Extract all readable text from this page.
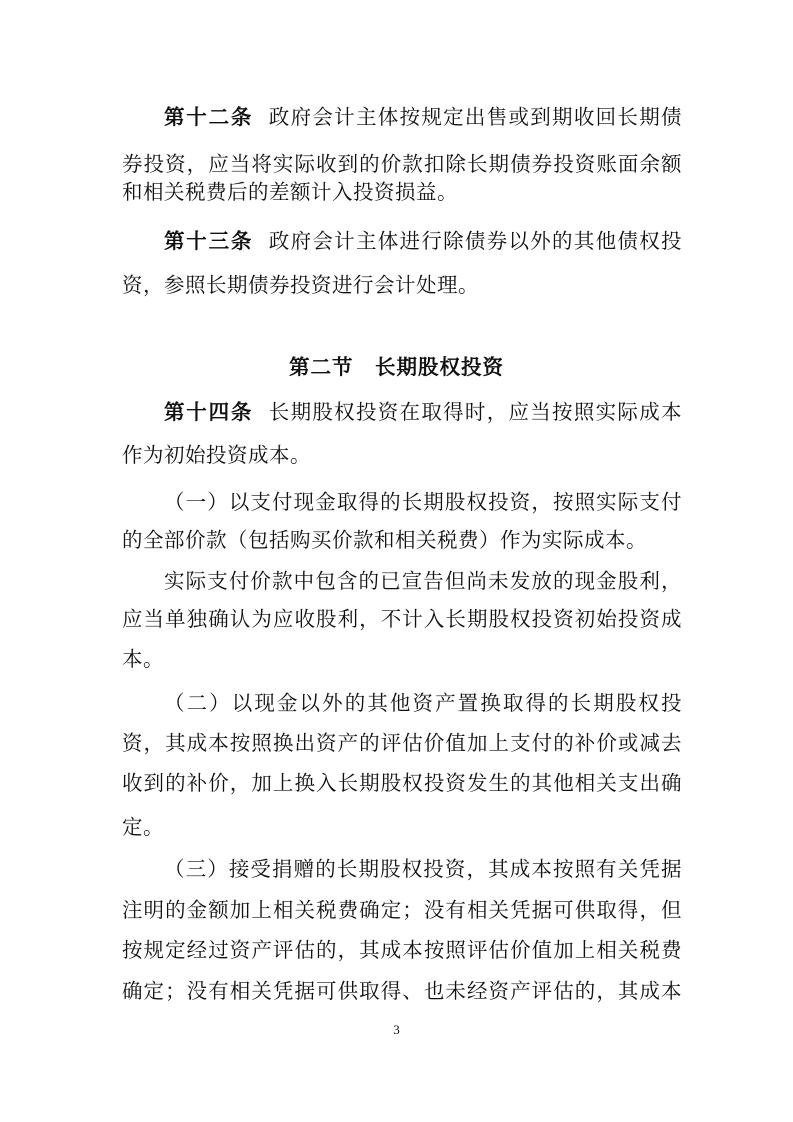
第十二条 政府会计主体按规定出售或到期收回长期债
券投资，应当将实际收到的价款扣除长期债券投资账面余额
和相关税费后的差额计入投资损益。
第十三条 政府会计主体进行除债券以外的其他债权投
资，参照长期债券投资进行会计处理。
第二节　长期股权投资
第十四条 长期股权投资在取得时，应当按照实际成本
作为初始投资成本。
（一）以支付现金取得的长期股权投资，按照实际支付
的全部价款（包括购买价款和相关税费）作为实际成本。
实际支付价款中包含的已宣告但尚未发放的现金股利，
应当单独确认为应收股利，不计入长期股权投资初始投资成
本。
（二）以现金以外的其他资产置换取得的长期股权投
资，其成本按照换出资产的评估价值加上支付的补价或减去
收到的补价，加上换入长期股权投资发生的其他相关支出确
定。
（三）接受捐赠的长期股权投资，其成本按照有关凭据
注明的金额加上相关税费确定；没有相关凭据可供取得，但
按规定经过资产评估的，其成本按照评估价值加上相关税费
确定；没有相关凭据可供取得、也未经资产评估的，其成本
3
